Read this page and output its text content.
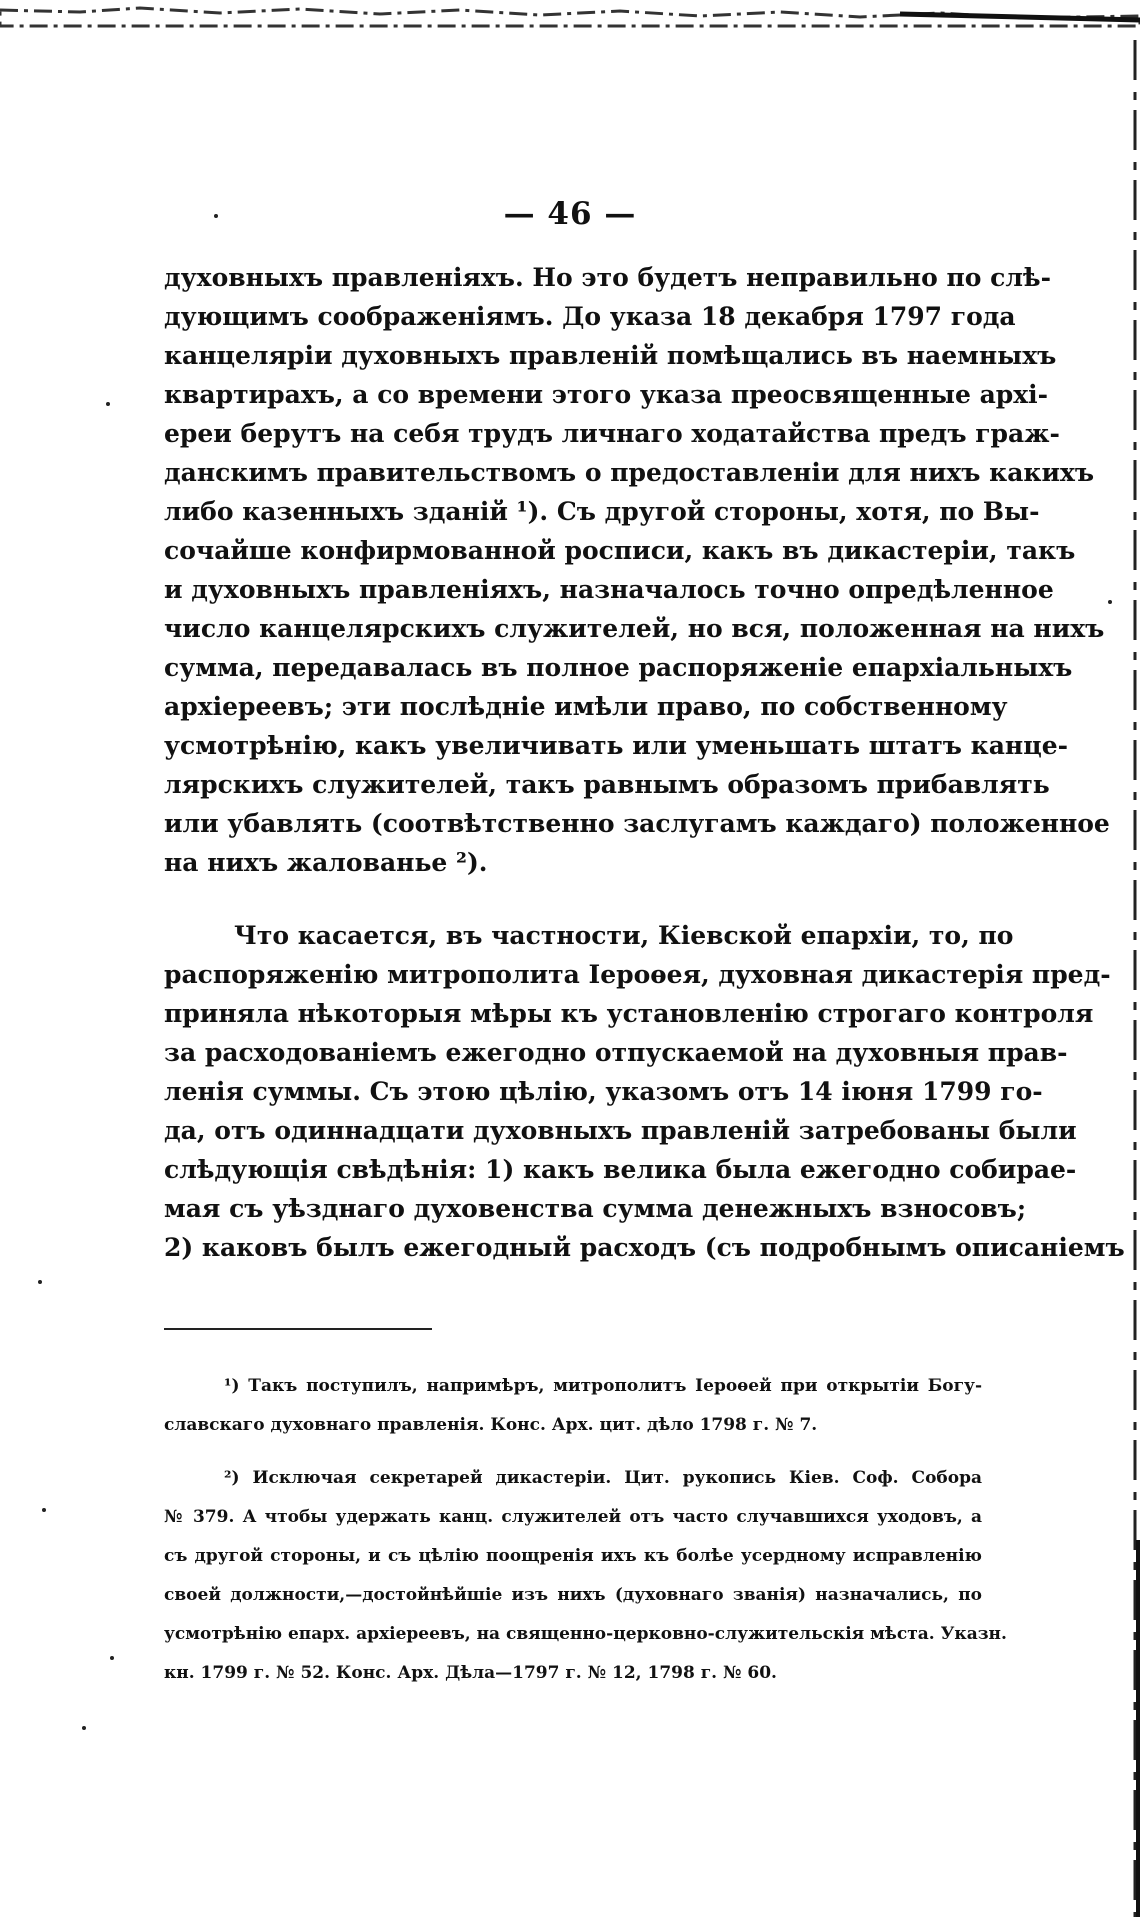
— 46 —
духовныхъ правленіяхъ. Но это будетъ неправильно по слѣ-
дующимъ соображеніямъ. До указа 18 декабря 1797 года
канцеляріи духовныхъ правленій помѣщались въ наемныхъ
квартирахъ, а со времени этого указа преосвященные архі-
ереи берутъ на себя трудъ личнаго ходатайства предъ граж-
данскимъ правительствомъ о предоставленіи для нихъ какихъ
либо казенныхъ зданій ¹). Съ другой стороны, хотя, по Вы-
сочайше конфирмованной росписи, какъ въ дикастеріи, такъ
и духовныхъ правленіяхъ, назначалось точно опредѣленное
число канцелярскихъ служителей, но вся, положенная на нихъ
сумма, передавалась въ полное распоряженіе епархіальныхъ
архіереевъ; эти послѣдніе имѣли право, по собственному
усмотрѣнію, какъ увеличивать или уменьшать штатъ канце-
лярскихъ служителей, такъ равнымъ образомъ прибавлять
или убавлять (соотвѣтственно заслугамъ каждаго) положенное
на нихъ жалованье ²).
Что касается, въ частности, Кіевской епархіи, то, по
распоряженію митрополита Іероѳея, духовная дикастерія пред-
приняла нѣкоторыя мѣры къ установленію строгаго контроля
за расходованіемъ ежегодно отпускаемой на духовныя прав-
ленія суммы. Съ этою цѣлію, указомъ отъ 14 іюня 1799 го-
да, отъ одиннадцати духовныхъ правленій затребованы были
слѣдующія свѣдѣнія: 1) какъ велика была ежегодно собирае-
мая съ уѣзднаго духовенства сумма денежныхъ взносовъ;
2) каковъ былъ ежегодный расходъ (съ подробнымъ описаніемъ
¹) Такъ поступилъ, напримѣръ, митрополитъ Іероѳей при открытіи Богу-
славскаго духовнаго правленія. Конс. Арх. цит. дѣло 1798 г. № 7.
²) Исключая секретарей дикастеріи. Цит. рукопись Кіев. Соф. Собора
№ 379. А чтобы удержать канц. служителей отъ часто случавшихся уходовъ, а
съ другой стороны, и съ цѣлію поощренія ихъ къ болѣе усердному исправленію
своей должности,—достойнѣйшіе изъ нихъ (духовнаго званія) назначались, по
усмотрѣнію епарх. архіереевъ, на священно-церковно-служительскія мѣста. Указн.
кн. 1799 г. № 52. Конс. Арх. Дѣла—1797 г. № 12, 1798 г. № 60.
